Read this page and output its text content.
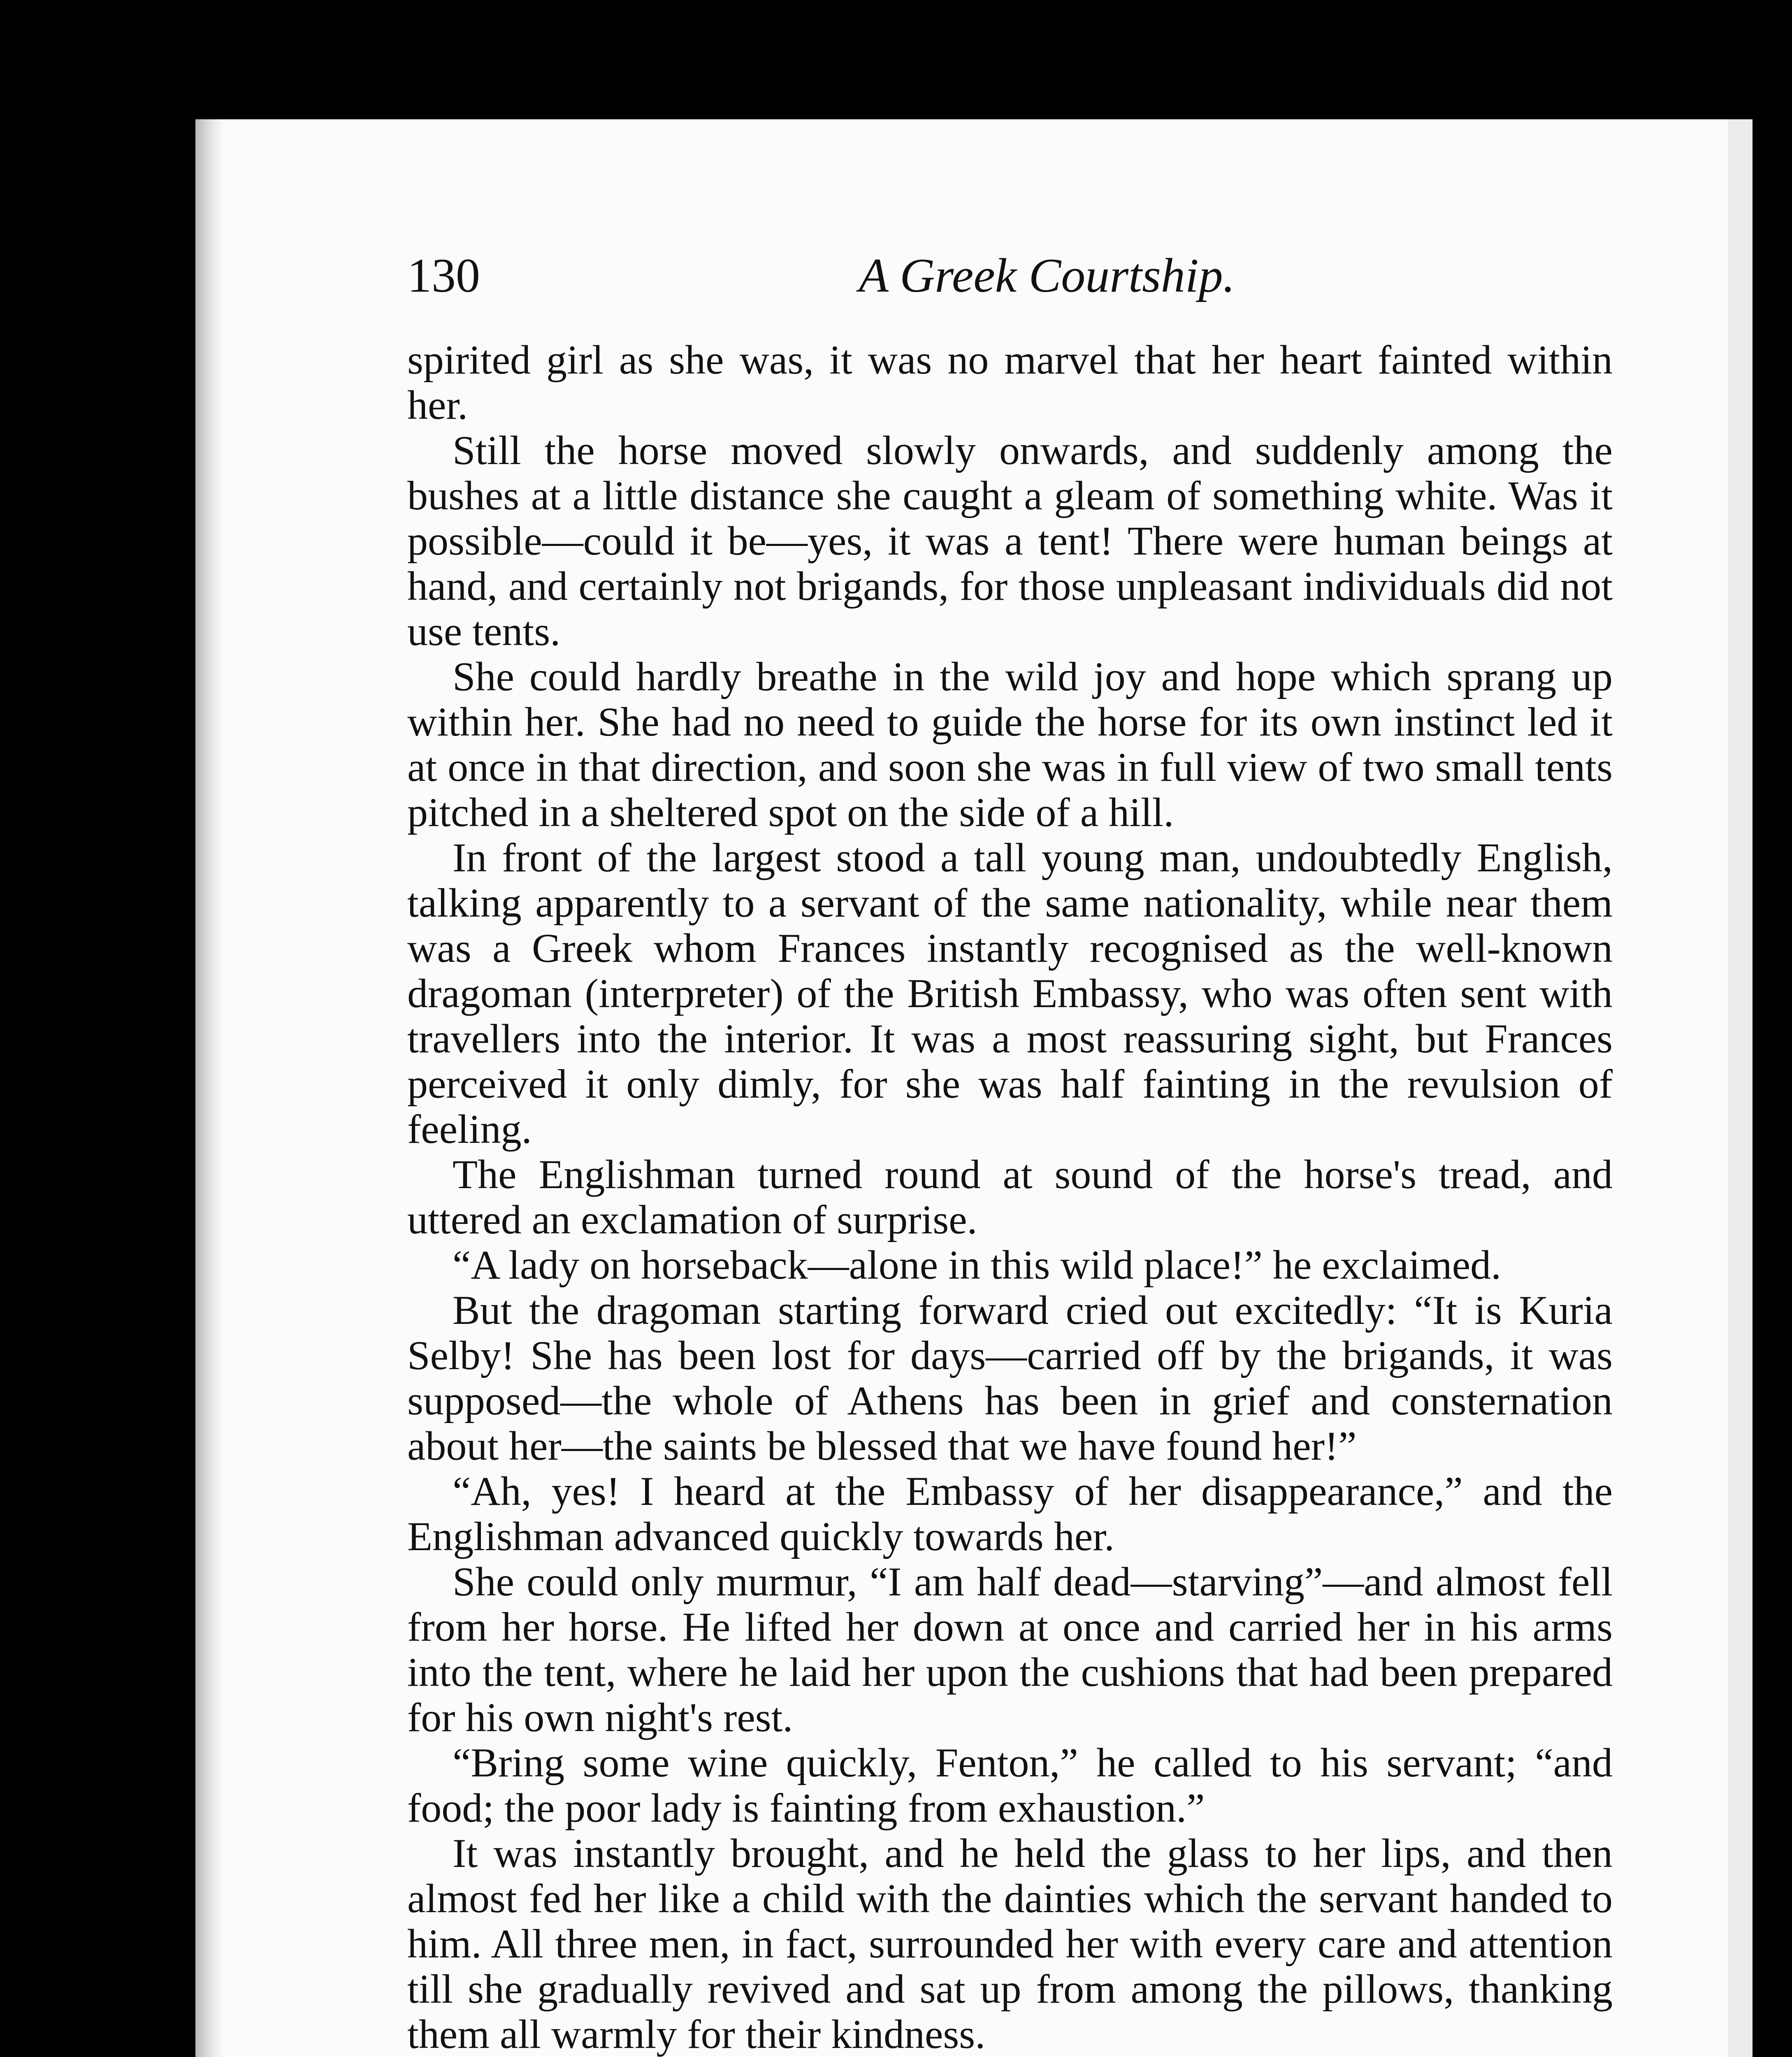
130	A Greek Courtship.

spirited girl as she was, it was no marvel that her heart fainted within her.

Still the horse moved slowly onwards, and suddenly among the bushes at a little distance she caught a gleam of something white. Was it possible—could it be—yes, it was a tent! There were human beings at hand, and certainly not brigands, for those unpleasant individuals did not use tents.

She could hardly breathe in the wild joy and hope which sprang up within her. She had no need to guide the horse for its own instinct led it at once in that direction, and soon she was in full view of two small tents pitched in a sheltered spot on the side of a hill.

In front of the largest stood a tall young man, undoubtedly English, talking apparently to a servant of the same nationality, while near them was a Greek whom Frances instantly recognised as the well-known dragoman (interpreter) of the British Embassy, who was often sent with travellers into the interior. It was a most reassuring sight, but Frances perceived it only dimly, for she was half fainting in the revulsion of feeling.

The Englishman turned round at sound of the horse's tread, and uttered an exclamation of surprise.

“A lady on horseback—alone in this wild place!” he exclaimed.

But the dragoman starting forward cried out excitedly: “It is Kuria Selby! She has been lost for days—carried off by the brigands, it was supposed—the whole of Athens has been in grief and consternation about her—the saints be blessed that we have found her!”

“Ah, yes! I heard at the Embassy of her disappearance,” and the Englishman advanced quickly towards her.

She could only murmur, “I am half dead—starving”—and almost fell from her horse. He lifted her down at once and carried her in his arms into the tent, where he laid her upon the cushions that had been prepared for his own night's rest.

“Bring some wine quickly, Fenton,” he called to his servant; “and food; the poor lady is fainting from exhaustion.”

It was instantly brought, and he held the glass to her lips, and then almost fed her like a child with the dainties which the servant handed to him. All three men, in fact, surrounded her with every care and attention till she gradually revived and sat up from among the pillows, thanking them all warmly for their kindness.
